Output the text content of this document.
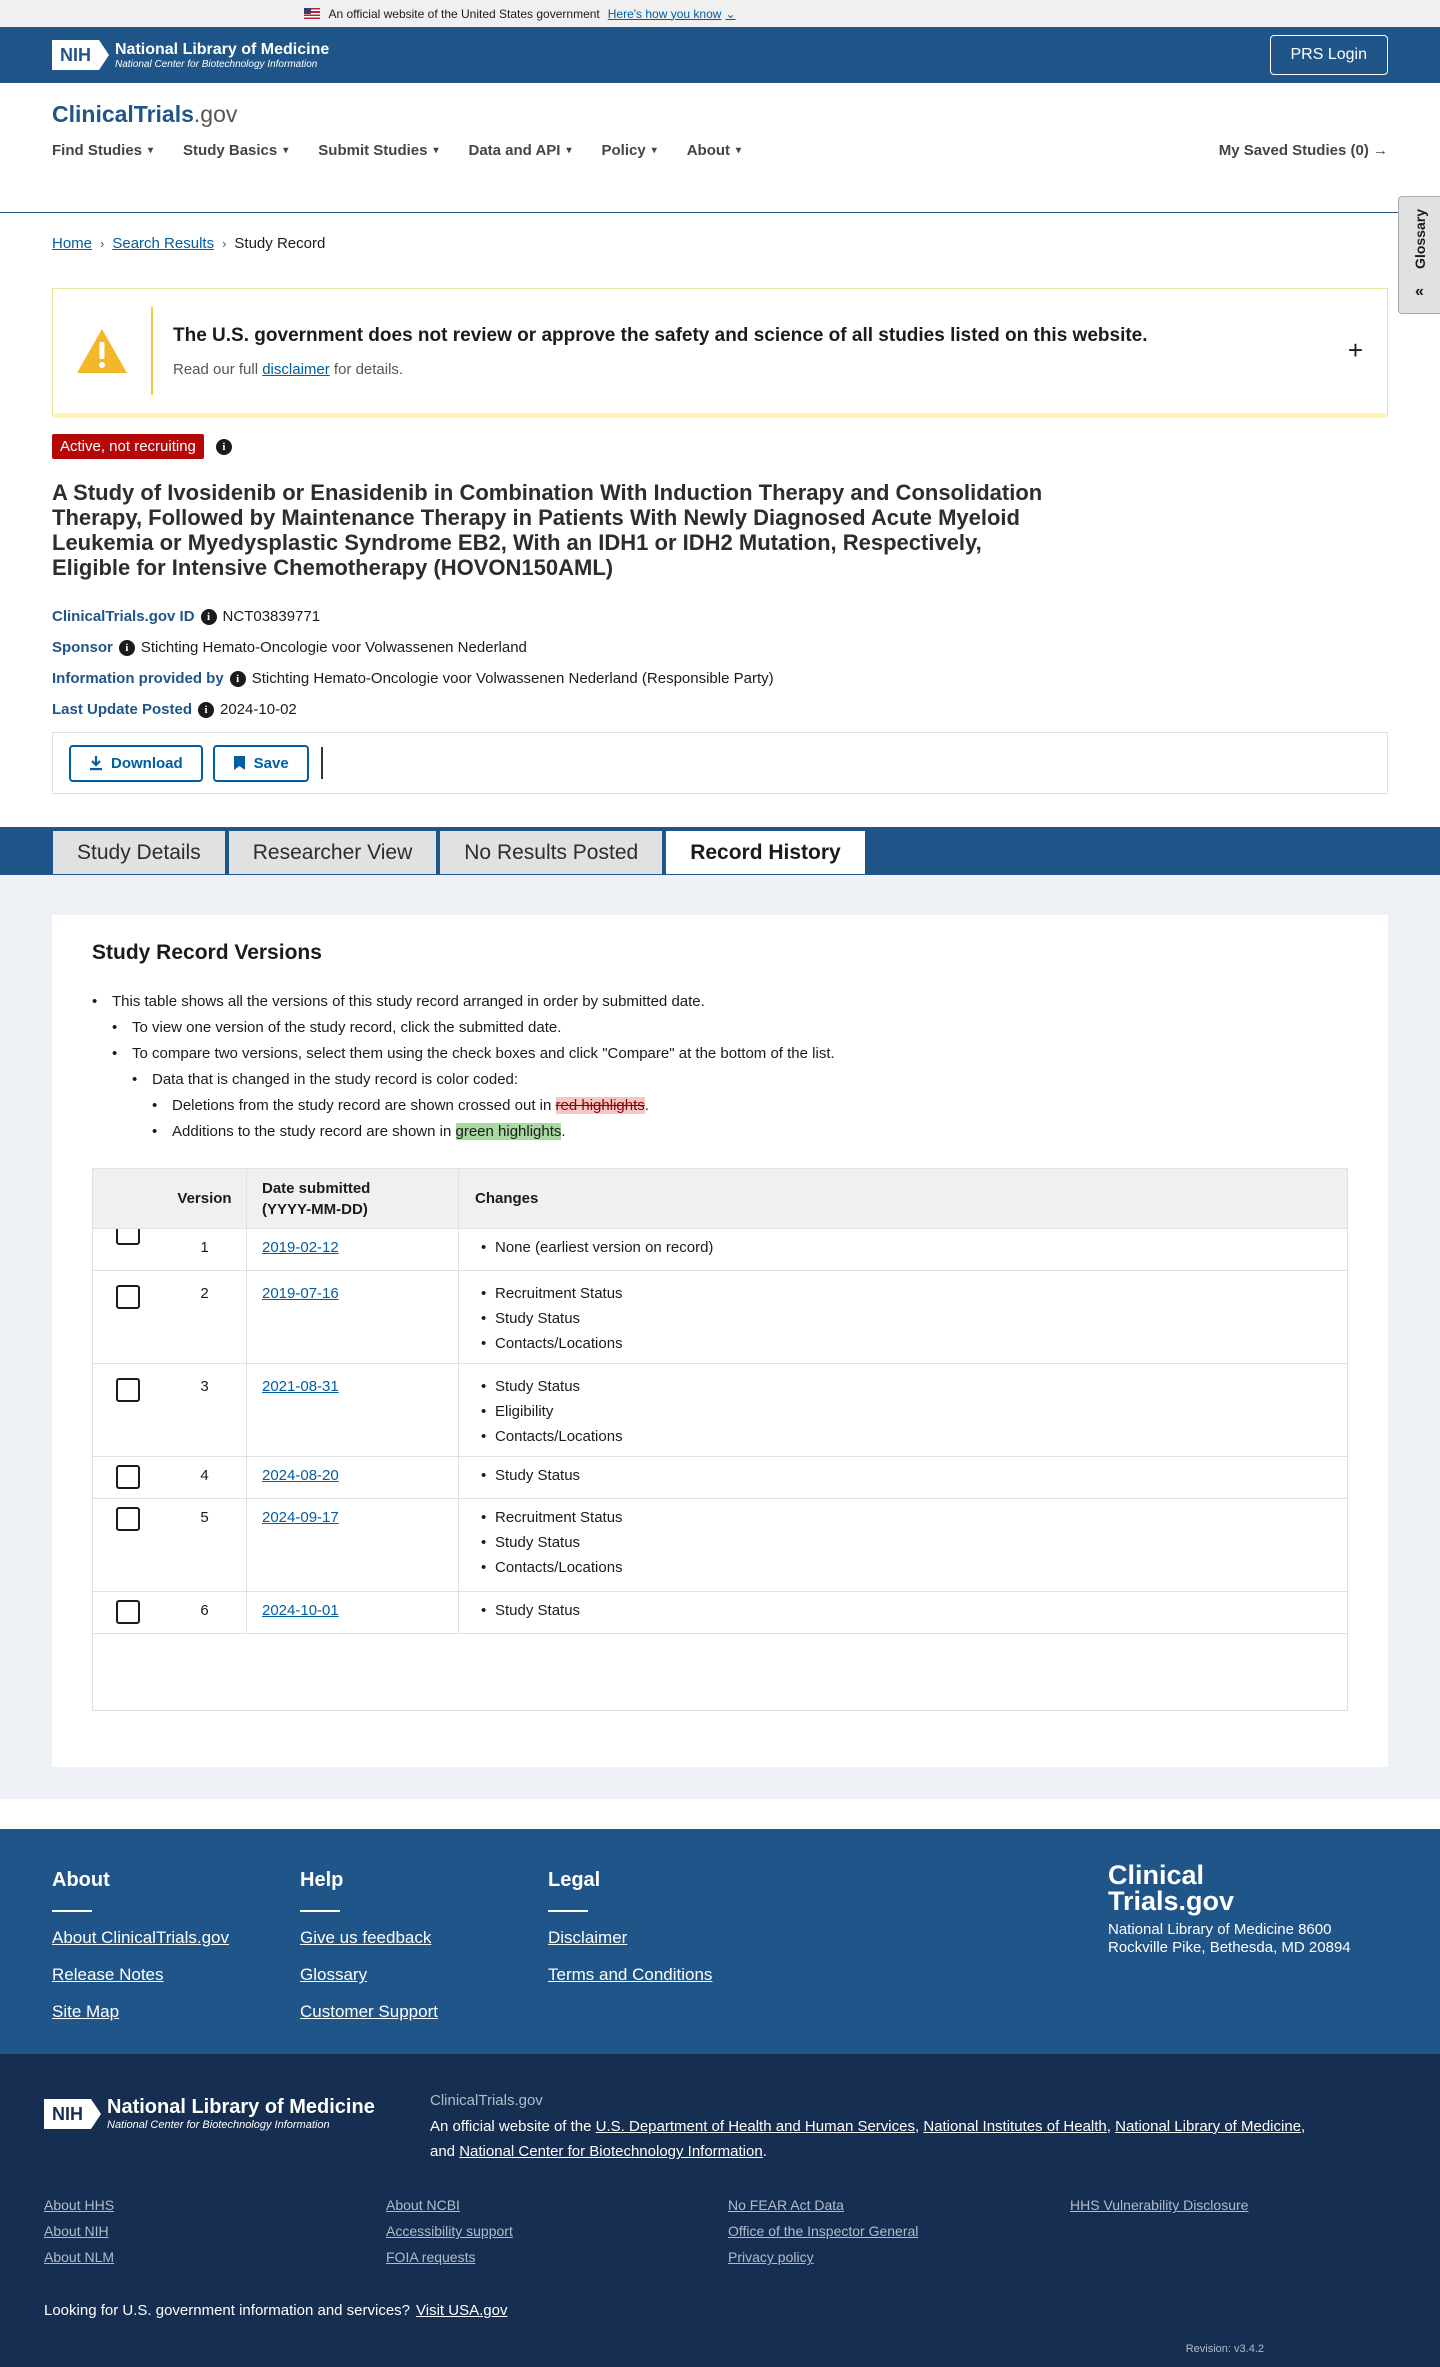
An official website of the United States government Here's how you know ⌄
NIH	National Library of Medicine
National Center for Biotechnology Information
PRS Login
ClinicalTrials.gov
Find Studies ▾ Study Basics ▾ Submit Studies ▾ Data and API ▾ Policy ▾ About ▾	My Saved Studies (0) →
Glossary
«
Home › Search Results › Study Record
The U.S. government does not review or approve the safety and science of all studies listed on this website.
Read our full disclaimer for details.
+
Active, not recruiting	i
A Study of Ivosidenib or Enasidenib in Combination With Induction Therapy and Consolidation Therapy, Followed by Maintenance Therapy in Patients With Newly Diagnosed Acute Myeloid Leukemia or Myedysplastic Syndrome EB2, With an IDH1 or IDH2 Mutation, Respectively, Eligible for Intensive Chemotherapy (HOVON150AML)
ClinicalTrials.gov ID	i NCT03839771
Sponsor	i Stichting Hemato-Oncologie voor Volwassenen Nederland
Information provided by	i Stichting Hemato-Oncologie voor Volwassenen Nederland (Responsible Party)
Last Update Posted	i 2024-10-02
Download	Save
Study Details	Researcher View	No Results Posted	Record History
Study Record Versions
• This table shows all the versions of this study record arranged in order by submitted date.
• To view one version of the study record, click the submitted date.
• To compare two versions, select them using the check boxes and click "Compare" at the bottom of the list.
• Data that is changed in the study record is color coded:
• Deletions from the study record are shown crossed out in red highlights.
• Additions to the study record are shown in green highlights.
Version
Date submitted
(YYYY-MM-DD)
Changes
1	2019-02-12	• None (earliest version on record)
2	2019-07-16	• Recruitment Status
• Study Status
• Contacts/Locations
3	2021-08-31	• Study Status
• Eligibility
• Contacts/Locations
4	2024-08-20	• Study Status
5	2024-09-17	• Recruitment Status
• Study Status
• Contacts/Locations
6	2024-10-01	• Study Status
About
About ClinicalTrials.gov
Release Notes
Site Map
Help
Give us feedback
Glossary
Customer Support
Legal
Disclaimer
Terms and Conditions
Clinical
Trials.gov
National Library of Medicine 8600 Rockville Pike, Bethesda, MD 20894
NIH	National Library of Medicine
National Center for Biotechnology Information
ClinicalTrials.gov
An official website of the U.S. Department of Health and Human Services, National Institutes of Health, National Library of Medicine,
and National Center for Biotechnology Information.
About HHS	About NCBI	No FEAR Act Data	HHS Vulnerability Disclosure
About NIH	Accessibility support	Office of the Inspector General
About NLM	FOIA requests	Privacy policy
Looking for U.S. government information and services? Visit USA.gov
Revision: v3.4.2
